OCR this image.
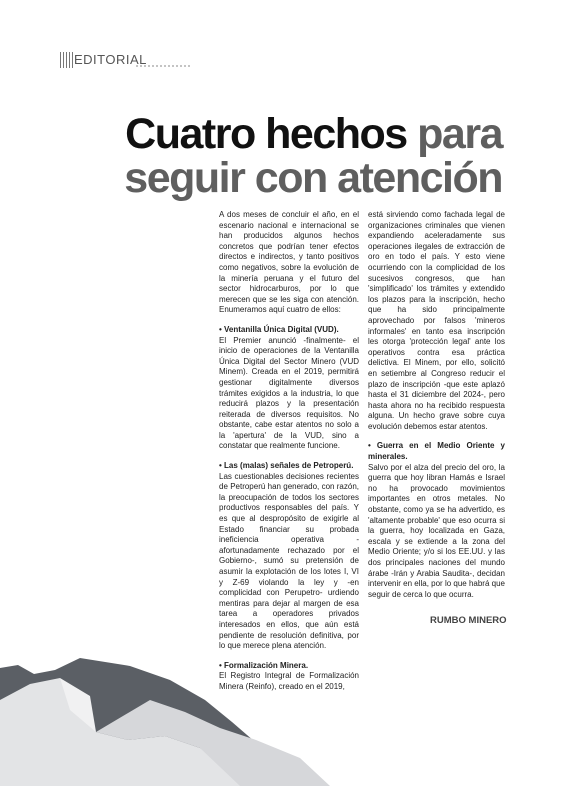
EDITORIAL
Cuatro hechos para
seguir con atención

A dos meses de concluir el año, en el escenario nacional e internacional se han producidos algunos hechos concretos que podrían tener efectos directos e indirectos, y tanto positivos como negativos, sobre la evolución de la minería peruana y el futuro del sector hidrocarburos, por lo que merecen que se les siga con atención. Enumeramos aquí cuatro de ellos:

• Ventanilla Única Digital (VUD).
El Premier anunció -finalmente- el inicio de operaciones de la Ventanilla Única Digital del Sector Minero (VUD Minem). Creada en el 2019, permitirá gestionar digitalmente diversos trámites exigidos a la industria, lo que reducirá plazos y la presentación reiterada de diversos requisitos. No obstante, cabe estar atentos no solo a la 'apertura' de la VUD, sino a constatar que realmente funcione.

• Las (malas) señales de Petroperú.
Las cuestionables decisiones recientes de Petroperú han generado, con razón, la preocupación de todos los sectores productivos responsables del país. Y es que al despropósito de exigirle al Estado financiar su probada ineficiencia operativa -afortunadamente rechazado por el Gobierno-, sumó su pretensión de asumir la explotación de los lotes I, VI y Z-69 violando la ley y -en complicidad con Perupetro- urdiendo mentiras para dejar al margen de esa tarea a operadores privados interesados en ellos, que aún está pendiente de resolución definitiva, por lo que merece plena atención.

• Formalización Minera.
El Registro Integral de Formalización Minera (Reinfo), creado en el 2019,

está sirviendo como fachada legal de organizaciones criminales que vienen expandiendo aceleradamente sus operaciones ilegales de extracción de oro en todo el país. Y esto viene ocurriendo con la complicidad de los sucesivos congresos, que han 'simplificado' los trámites y extendido los plazos para la inscripción, hecho que ha sido principalmente aprovechado por falsos 'mineros informales' en tanto esa inscripción les otorga 'protección legal' ante los operativos contra esa práctica delictiva. El Minem, por ello, solicitó en setiembre al Congreso reducir el plazo de inscripción -que este aplazó hasta el 31 diciembre del 2024-, pero hasta ahora no ha recibido respuesta alguna. Un hecho grave sobre cuya evolución debemos estar atentos.

• Guerra en el Medio Oriente y minerales.
Salvo por el alza del precio del oro, la guerra que hoy libran Hamás e Israel no ha provocado movimientos importantes en otros metales. No obstante, como ya se ha advertido, es 'altamente probable' que eso ocurra si la guerra, hoy localizada en Gaza, escala y se extiende a la zona del Medio Oriente; y/o si los EE.UU. y las dos principales naciones del mundo árabe -Irán y Arabia Saudita-, decidan intervenir en ella, por lo que habrá que seguir de cerca lo que ocurra.

RUMBO MINERO
